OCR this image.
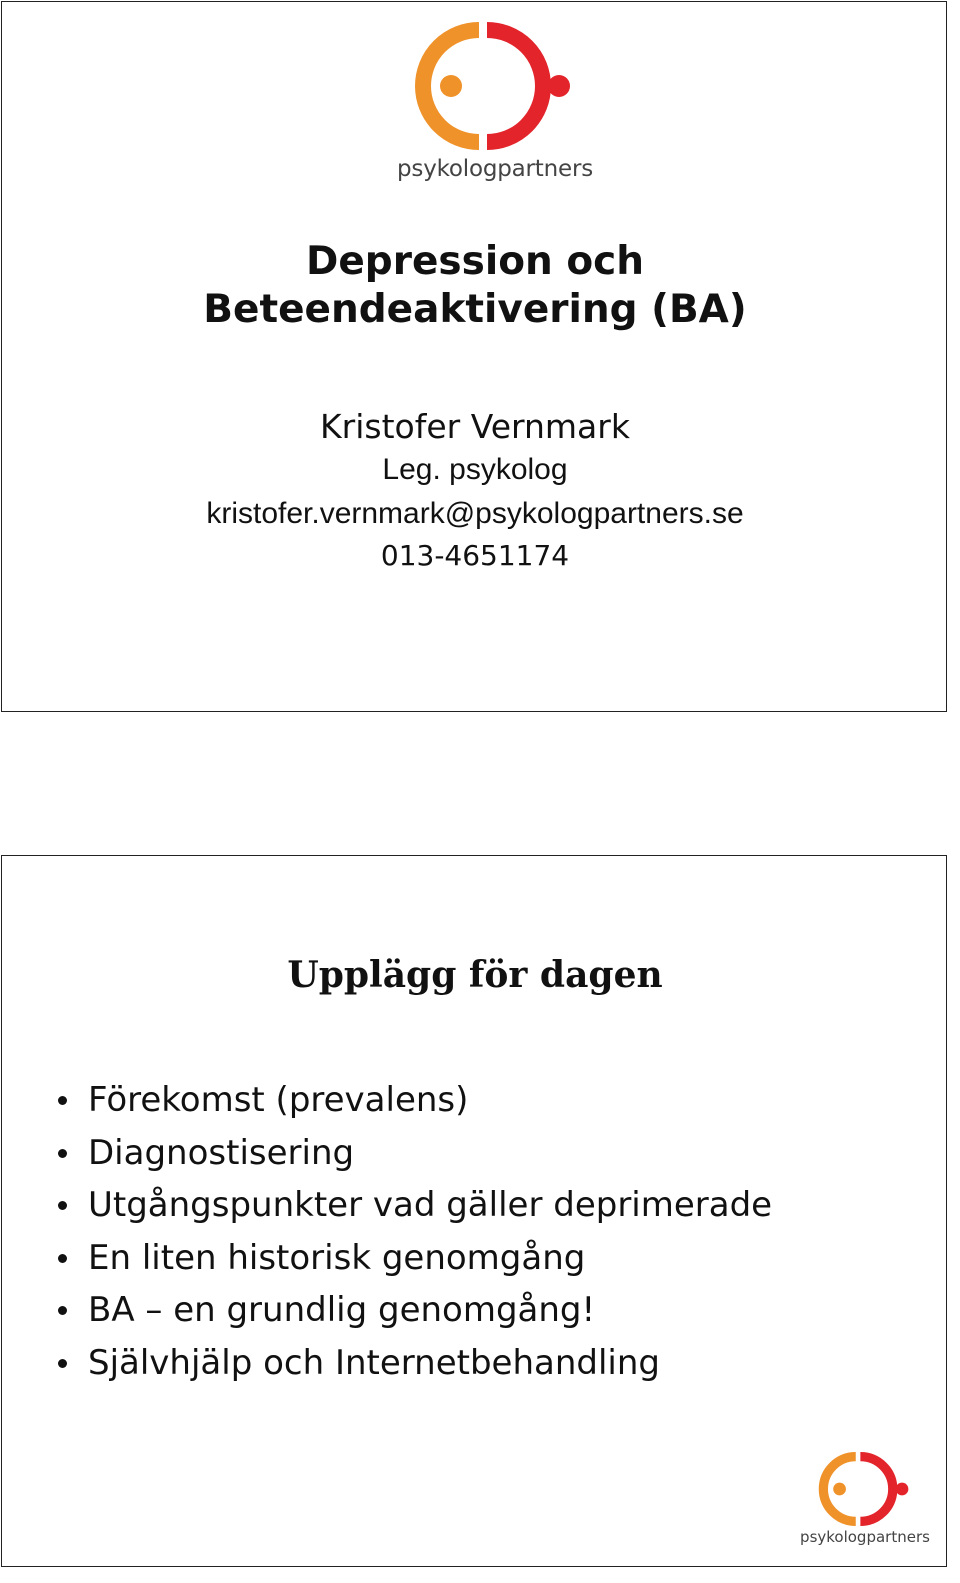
psykologpartners
Depression och Beteendeaktivering (BA)
Kristofer Vernmark
Leg. psykolog
kristofer.vernmark@psykologpartners.se
013-4651174
Upplägg för dagen
Förekomst (prevalens)
Diagnostisering
Utgångspunkter vad gäller deprimerade
En liten historisk genomgång
BA – en grundlig genomgång!
Självhjälp och Internetbehandling
psykologpartners
